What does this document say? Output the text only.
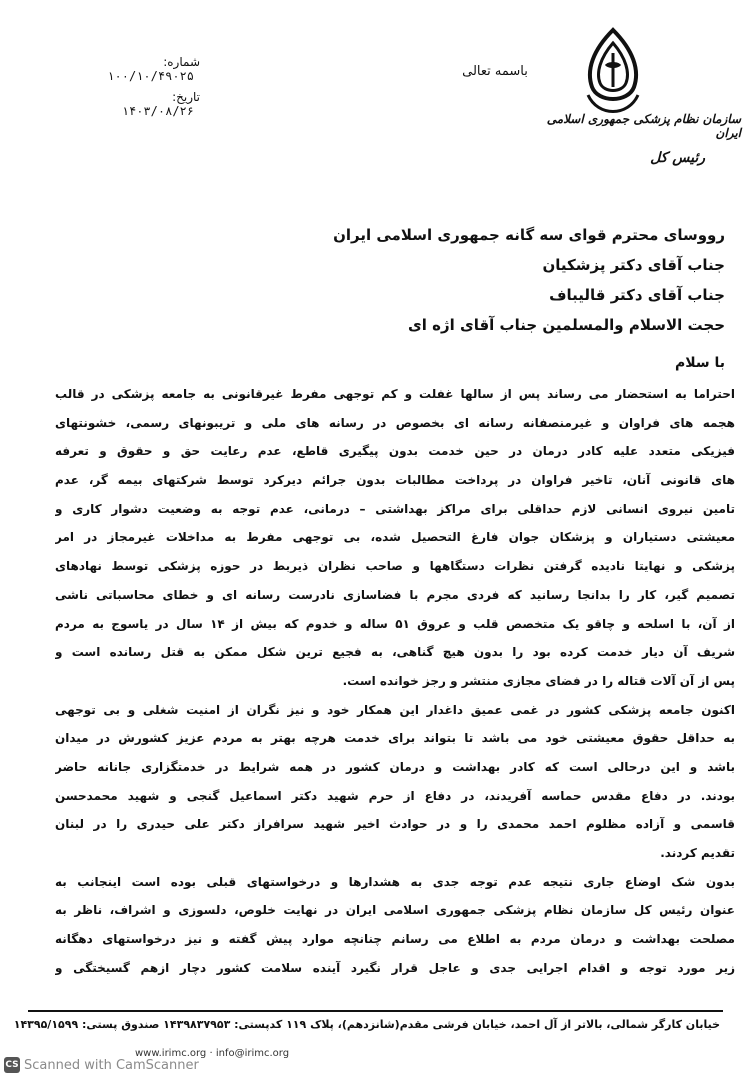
سازمان نظام پزشکی جمهوری اسلامی ایران
رئیس کل
باسمه تعالی
شماره: ۱۰۰/۱۰/۴۹۰۲۵
تاریخ: ۱۴۰۳/۰۸/۲۶
رووسای محترم قوای سه گانه جمهوری اسلامی ایران
جناب آقای دکتر پزشکیان
جناب آقای دکتر قالیباف
حجت الاسلام والمسلمین جناب آقای اژه ای
با سلام
احتراما به استحضار می رساند پس از سالها غفلت و کم توجهی مفرط غیرقانونی به جامعه پزشکی در قالب
هجمه های فراوان و غیرمنصفانه رسانه ای بخصوص در رسانه های ملی و تریبونهای رسمی، خشونتهای
فیزیکی متعدد علیه کادر درمان در حین خدمت بدون پیگیری قاطع، عدم رعایت حق و حقوق و تعرفه
های قانونی آنان، تاخیر فراوان در پرداخت مطالبات بدون جرائم دیرکرد توسط شرکتهای بیمه گر، عدم
تامین نیروی انسانی لازم حداقلی برای مراکز بهداشتی – درمانی، عدم توجه به وضعیت دشوار کاری و
معیشتی دستیاران و پزشکان جوان فارغ التحصیل شده، بی توجهی مفرط به مداخلات غیرمجاز در امر
پزشکی و نهایتا نادیده گرفتن نظرات دستگاهها و صاحب نظران ذیربط در حوزه پزشکی توسط نهادهای
تصمیم گیر، کار را بدانجا رسانید که فردی مجرم با فضاسازی نادرست رسانه ای و خطای محاسباتی ناشی
از آن، با اسلحه و چاقو یک متخصص قلب و عروق ۵۱ ساله و خدوم که بیش از ۱۴ سال در یاسوج به مردم
شریف آن دیار خدمت کرده بود را بدون هیچ گناهی، به فجیع ترین شکل ممکن به قتل رسانده است و
پس از آن آلات قتاله را در فضای مجازی منتشر و رجز خوانده است.
اکنون جامعه پزشکی کشور در غمی عمیق داغدار این همکار خود و نیز نگران از امنیت شغلی و بی توجهی
به حداقل حقوق معیشتی خود می باشد تا بتواند برای خدمت هرچه بهتر به مردم عزیز کشورش در میدان
باشد و این درحالی است که کادر بهداشت و درمان کشور در همه شرایط در خدمتگزاری جانانه حاضر
بودند. در دفاع مقدس حماسه آفریدند، در دفاع از حرم شهید دکتر اسماعیل گنجی و شهید محمدحسن
قاسمی و آزاده مظلوم احمد محمدی را و در حوادث اخیر شهید سرافراز دکتر علی حیدری را در لبنان
تقدیم کردند.
بدون شک اوضاع جاری نتیجه عدم توجه جدی به هشدارها و درخواستهای قبلی بوده است اینجانب به
عنوان رئیس کل سازمان نظام پزشکی جمهوری اسلامی ایران در نهایت خلوص، دلسوزی و اشراف، ناظر به
مصلحت بهداشت و درمان مردم به اطلاع می رسانم چنانچه موارد پیش گفته و نیز درخواستهای دهگانه
زیر مورد توجه و اقدام اجرایی جدی و عاجل قرار نگیرد آینده سلامت کشور دچار ازهم گسیختگی و
خیابان کارگر شمالی، بالاتر از آل احمد، خیابان فرشی مقدم(شانزدهم)، پلاک ۱۱۹ کدپستی: ۱۴۳۹۸۳۷۹۵۳ صندوق پستی: ۱۴۳۹۵/۱۵۹۹
www.irimc.org · info@irimc.org
CS Scanned with CamScanner
